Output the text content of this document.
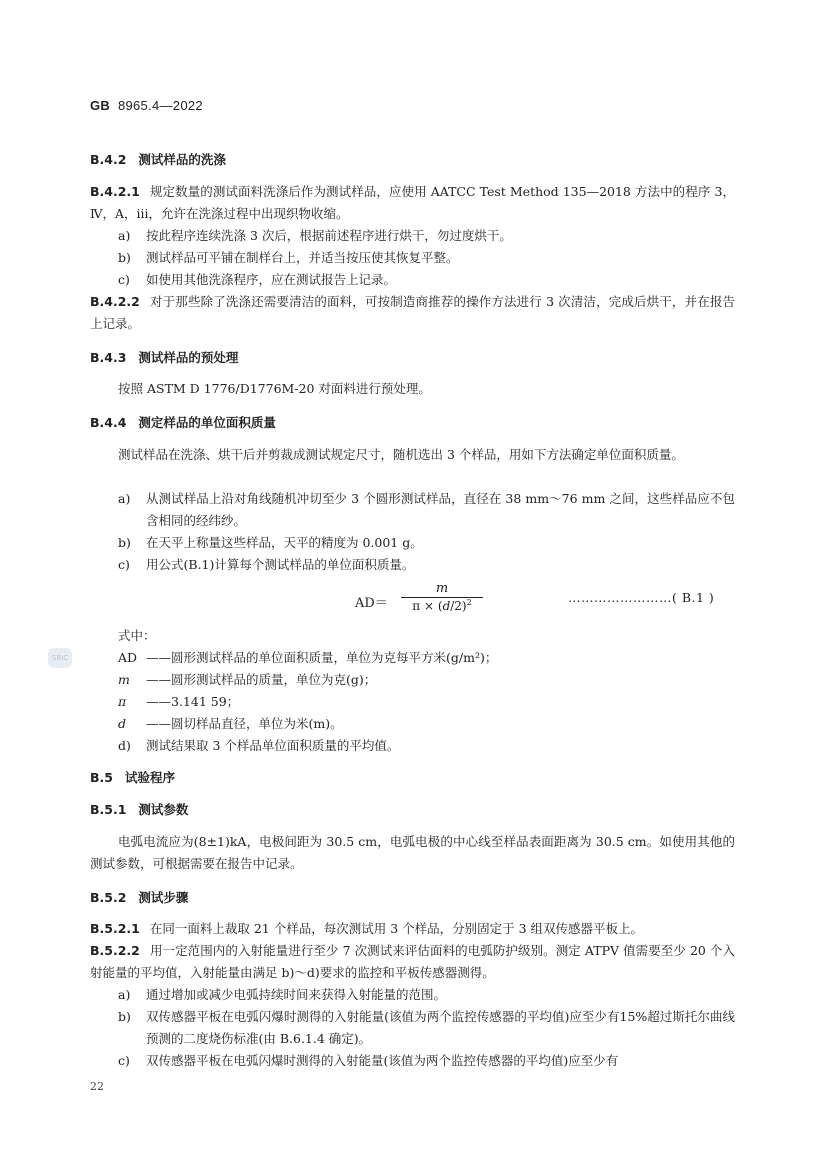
GB 8965.4—2022
SBIC
B.4.2 测试样品的洗涤
B.4.2.1 规定数量的测试面料洗涤后作为测试样品，应使用 AATCC Test Method 135—2018 方法中的程序 3，Ⅳ，A，iii，允许在洗涤过程中出现织物收缩。
a) 按此程序连续洗涤 3 次后，根据前述程序进行烘干，勿过度烘干。
b) 测试样品可平铺在制样台上，并适当按压使其恢复平整。
c) 如使用其他洗涤程序，应在测试报告上记录。
B.4.2.2 对于那些除了洗涤还需要清洁的面料，可按制造商推荐的操作方法进行 3 次清洁，完成后烘干，并在报告上记录。
B.4.3 测试样品的预处理
按照 ASTM D 1776/D1776M-20 对面料进行预处理。
B.4.4 测定样品的单位面积质量
测试样品在洗涤、烘干后并剪裁成测试规定尺寸，随机选出 3 个样品，用如下方法确定单位面积质量。
a)	从测试样品上沿对角线随机冲切至少 3 个圆形测试样品，直径在 38 mm～76 mm 之间，这些样品应不包含相同的经纬纱。
b) 在天平上称量这些样品，天平的精度为 0.001 g。
c) 用公式(B.1)计算每个测试样品的单位面积质量。
AD＝
m
$\pi \times (d/2)^2$	……………………( B.1 )
式中：
AD ——圆形测试样品的单位面积质量，单位为克每平方米(g/m²)；
m ——圆形测试样品的质量，单位为克(g)；
π ——3.141 59；
d ——圆切样品直径，单位为米(m)。
d) 测试结果取 3 个样品单位面积质量的平均值。
B.5 试验程序
B.5.1 测试参数
电弧电流应为(8±1)kA，电极间距为 30.5 cm，电弧电极的中心线至样品表面距离为 30.5 cm。如使用其他的测试参数，可根据需要在报告中记录。
B.5.2 测试步骤
B.5.2.1 在同一面料上裁取 21 个样品，每次测试用 3 个样品，分别固定于 3 组双传感器平板上。
B.5.2.2 用一定范围内的入射能量进行至少 7 次测试来评估面料的电弧防护级别。测定 ATPV 值需要至少 20 个入射能量的平均值，入射能量由满足 b)～d)要求的监控和平板传感器测得。
a) 通过增加或减少电弧持续时间来获得入射能量的范围。
b)	双传感器平板在电弧闪爆时测得的入射能量(该值为两个监控传感器的平均值)应至少有15%超过斯托尔曲线预测的二度烧伤标准(由 B.6.1.4 确定)。
c) 双传感器平板在电弧闪爆时测得的入射能量(该值为两个监控传感器的平均值)应至少有
22
